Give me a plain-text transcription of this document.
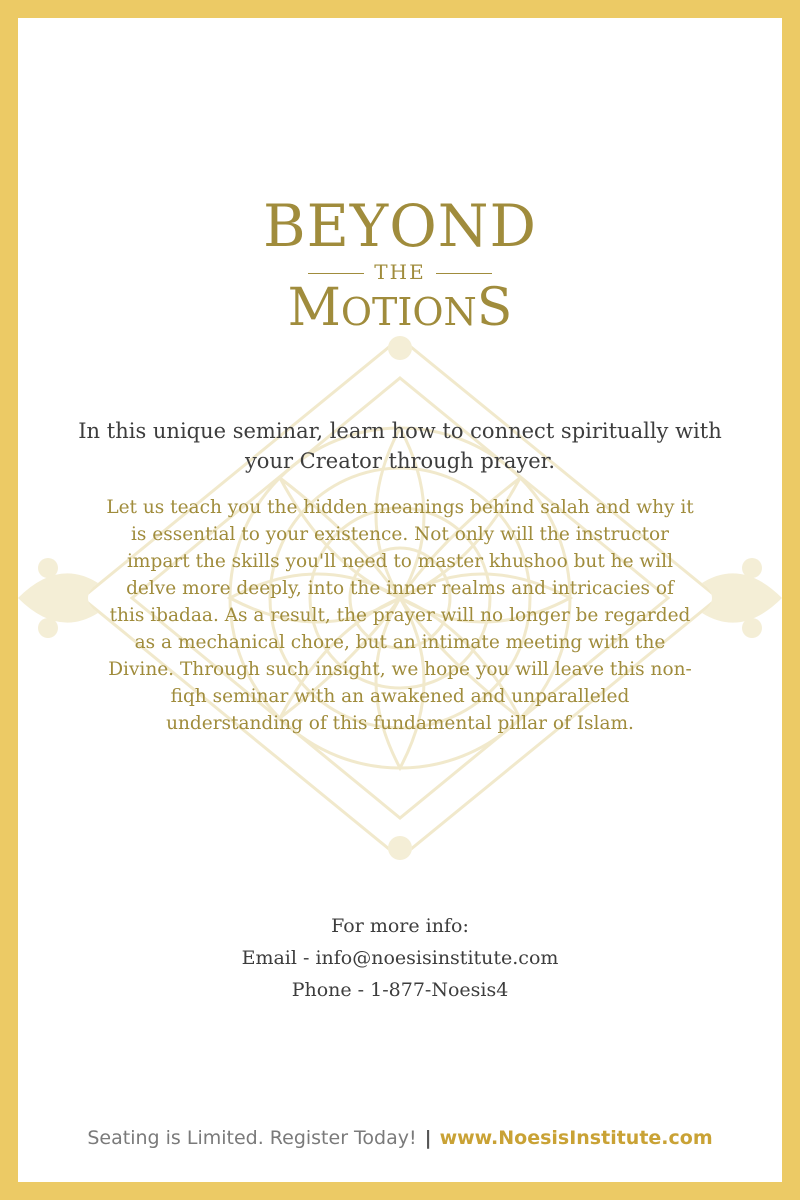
BEYOND
THE
MOTIONS
In this unique seminar, learn how to connect spiritually with your Creator through prayer.
Let us teach you the hidden meanings behind salah and why it is essential to your existence. Not only will the instructor impart the skills you'll need to master khushoo but he will delve more deeply, into the inner realms and intricacies of this ibadaa. As a result, the prayer will no longer be regarded as a mechanical chore, but an intimate meeting with the Divine. Through such insight, we hope you will leave this non-fiqh seminar with an awakened and unparalleled understanding of this fundamental pillar of Islam.
For more info:
Email - info@noesisinstitute.com
Phone - 1-877-Noesis4
Seating is Limited. Register Today! | www.NoesisInstitute.com
